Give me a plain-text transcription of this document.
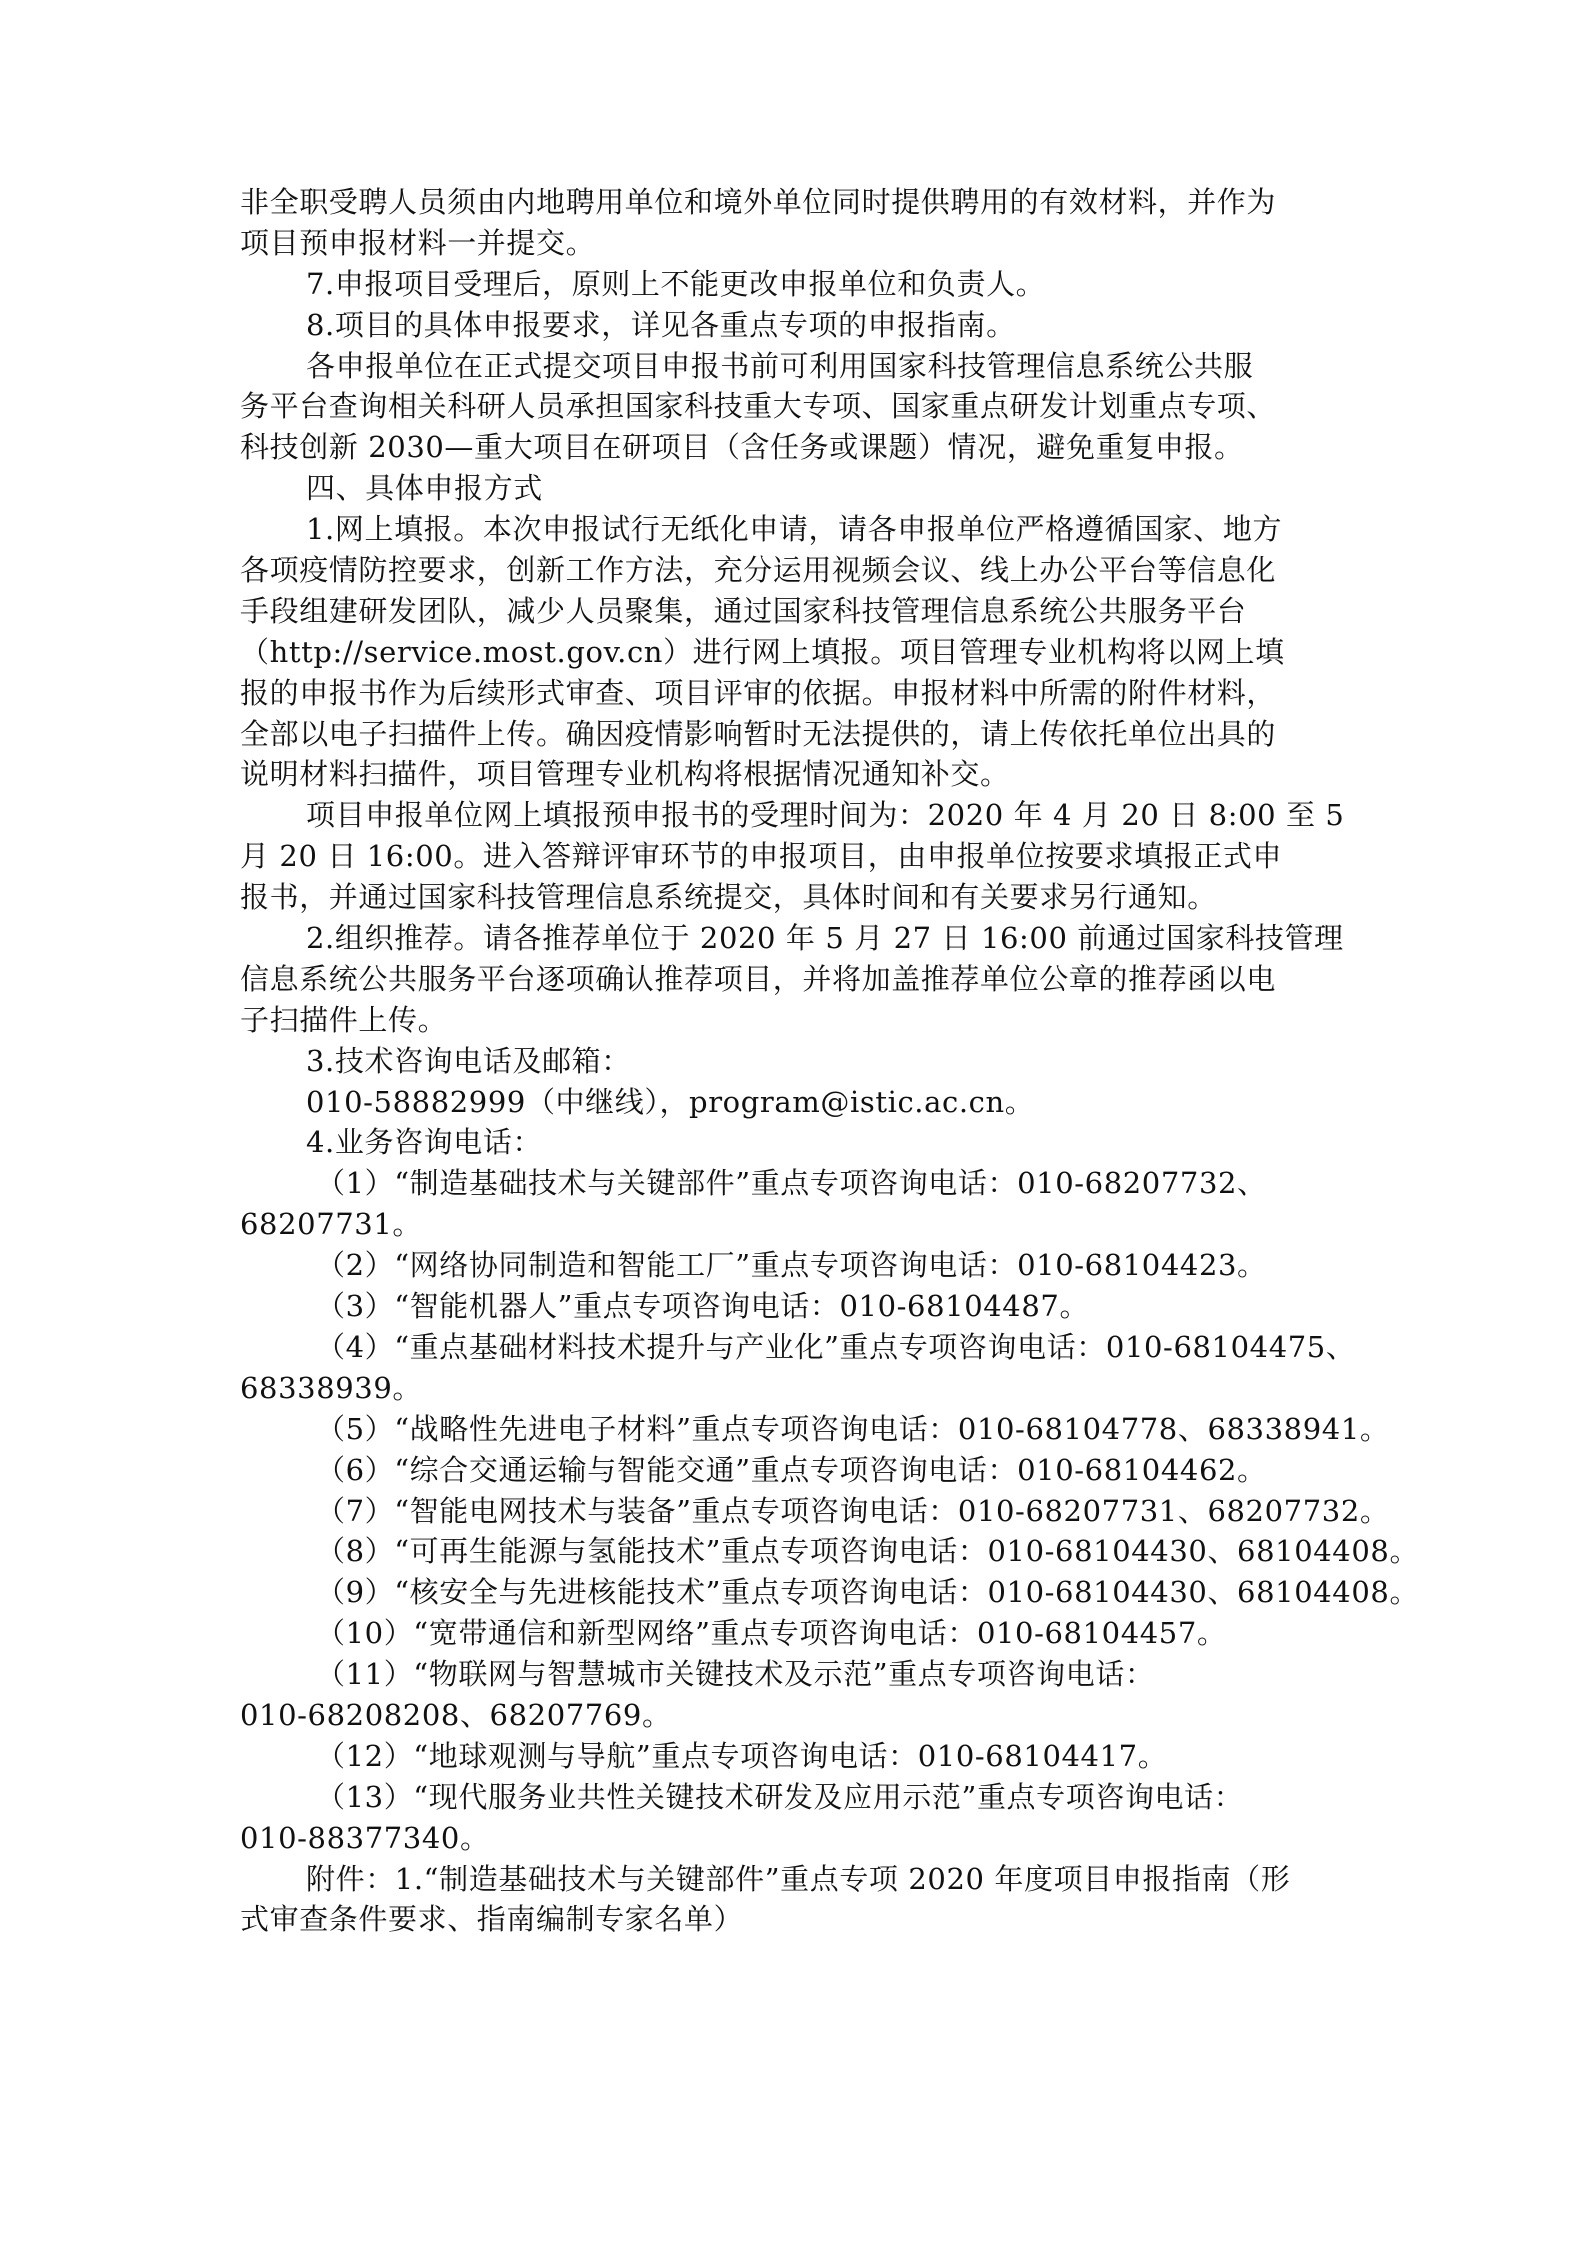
非全职受聘人员须由内地聘用单位和境外单位同时提供聘用的有效材料，并作为
项目预申报材料一并提交。
7.申报项目受理后，原则上不能更改申报单位和负责人。
8.项目的具体申报要求，详见各重点专项的申报指南。
各申报单位在正式提交项目申报书前可利用国家科技管理信息系统公共服
务平台查询相关科研人员承担国家科技重大专项、国家重点研发计划重点专项、
科技创新 2030—重大项目在研项目（含任务或课题）情况，避免重复申报。
四、具体申报方式
1.网上填报。本次申报试行无纸化申请，请各申报单位严格遵循国家、地方
各项疫情防控要求，创新工作方法，充分运用视频会议、线上办公平台等信息化
手段组建研发团队，减少人员聚集，通过国家科技管理信息系统公共服务平台
（http://service.most.gov.cn）进行网上填报。项目管理专业机构将以网上填
报的申报书作为后续形式审查、项目评审的依据。申报材料中所需的附件材料，
全部以电子扫描件上传。确因疫情影响暂时无法提供的，请上传依托单位出具的
说明材料扫描件，项目管理专业机构将根据情况通知补交。
项目申报单位网上填报预申报书的受理时间为：2020 年 4 月 20 日 8:00 至 5
月 20 日 16:00。进入答辩评审环节的申报项目，由申报单位按要求填报正式申
报书，并通过国家科技管理信息系统提交，具体时间和有关要求另行通知。
2.组织推荐。请各推荐单位于 2020 年 5 月 27 日 16:00 前通过国家科技管理
信息系统公共服务平台逐项确认推荐项目，并将加盖推荐单位公章的推荐函以电
子扫描件上传。
3.技术咨询电话及邮箱：
010-58882999（中继线），program@istic.ac.cn。
4.业务咨询电话：
（1）“制造基础技术与关键部件”重点专项咨询电话：010-68207732、
68207731。
（2）“网络协同制造和智能工厂”重点专项咨询电话：010-68104423。
（3）“智能机器人”重点专项咨询电话：010-68104487。
（4）“重点基础材料技术提升与产业化”重点专项咨询电话：010-68104475、
68338939。
（5）“战略性先进电子材料”重点专项咨询电话：010-68104778、68338941。
（6）“综合交通运输与智能交通”重点专项咨询电话：010-68104462。
（7）“智能电网技术与装备”重点专项咨询电话：010-68207731、68207732。
（8）“可再生能源与氢能技术”重点专项咨询电话：010-68104430、68104408。
（9）“核安全与先进核能技术”重点专项咨询电话：010-68104430、68104408。
（10）“宽带通信和新型网络”重点专项咨询电话：010-68104457。
（11）“物联网与智慧城市关键技术及示范”重点专项咨询电话：
010-68208208、68207769。
（12）“地球观测与导航”重点专项咨询电话：010-68104417。
（13）“现代服务业共性关键技术研发及应用示范”重点专项咨询电话：
010-88377340。
附件：1.“制造基础技术与关键部件”重点专项 2020 年度项目申报指南（形
式审查条件要求、指南编制专家名单）
